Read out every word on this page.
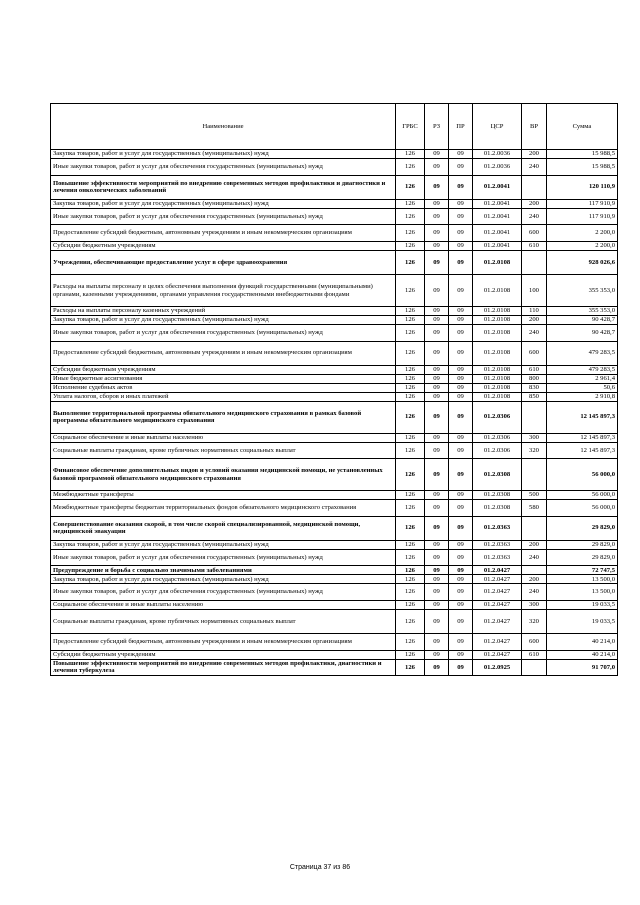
Наименование	ГРБС	РЗ	ПР	ЦСР	ВР	Сумма
Закупка товаров, работ и услуг для государственных (муниципальных) нужд	126	09	09	01.2.0036	200	15 988,5
Иные закупки товаров, работ и услуг для обеспечения государственных (муниципальных) нужд	126	09	09	01.2.0036	240	15 988,5
Повышение эффективности мероприятий по внедрению современных методов профилактики и диагностики и лечения онкологических заболеваний	126	09	09	01.2.0041		120 110,9
Закупка товаров, работ и услуг для государственных (муниципальных) нужд	126	09	09	01.2.0041	200	117 910,9
Иные закупки товаров, работ и услуг для обеспечения государственных (муниципальных) нужд	126	09	09	01.2.0041	240	117 910,9
Предоставление субсидий бюджетным, автономным учреждениям и иным некоммерческим организациям	126	09	09	01.2.0041	600	2 200,0
Субсидии бюджетным учреждениям	126	09	09	01.2.0041	610	2 200,0
Учреждения, обеспечивающие предоставление услуг в сфере здравоохранения	126	09	09	01.2.0108		928 026,6
Расходы на выплаты персоналу в целях обеспечения выполнения функций государственными (муниципальными) органами, казенными учреждениями, органами управления государственными внебюджетными фондами	126	09	09	01.2.0108	100	355 353,0
Расходы на выплаты персоналу казенных учреждений	126	09	09	01.2.0108	110	355 353,0
Закупка товаров, работ и услуг для государственных (муниципальных) нужд	126	09	09	01.2.0108	200	90 428,7
Иные закупки товаров, работ и услуг для обеспечения государственных (муниципальных) нужд	126	09	09	01.2.0108	240	90 428,7
Предоставление субсидий бюджетным, автономным учреждениям и иным некоммерческим организациям	126	09	09	01.2.0108	600	479 283,5
Субсидии бюджетным учреждениям	126	09	09	01.2.0108	610	479 283,5
Иные бюджетные ассигнования	126	09	09	01.2.0108	800	2 961,4
Исполнение судебных актов	126	09	09	01.2.0108	830	50,6
Уплата налогов, сборов и иных платежей	126	09	09	01.2.0108	850	2 910,8
Выполнение территориальной программы обязательного медицинского страхования в рамках базовой программы обязательного медицинского страхования	126	09	09	01.2.0306		12 145 897,3
Социальное обеспечение и иные выплаты населению	126	09	09	01.2.0306	300	12 145 897,3
Социальные выплаты гражданам, кроме публичных нормативных социальных выплат	126	09	09	01.2.0306	320	12 145 897,3
Финансовое обеспечение дополнительных видов и условий оказания медицинской помощи, не установленных базовой программой обязательного медицинского страхования	126	09	09	01.2.0308		56 000,0
Межбюджетные трансферты	126	09	09	01.2.0308	500	56 000,0
Межбюджетные трансферты бюджетам территориальных фондов обязательного медицинского страхования	126	09	09	01.2.0308	580	56 000,0
Совершенствование оказания скорой, в том числе скорой специализированной, медицинской помощи, медицинской эвакуации	126	09	09	01.2.0363		29 829,0
Закупка товаров, работ и услуг для государственных (муниципальных) нужд	126	09	09	01.2.0363	200	29 829,0
Иные закупки товаров, работ и услуг для обеспечения государственных (муниципальных) нужд	126	09	09	01.2.0363	240	29 829,0
Предупреждение и борьба с социально значимыми заболеваниями	126	09	09	01.2.0427		72 747,5
Закупка товаров, работ и услуг для государственных (муниципальных) нужд	126	09	09	01.2.0427	200	13 500,0
Иные закупки товаров, работ и услуг для обеспечения государственных (муниципальных) нужд	126	09	09	01.2.0427	240	13 500,0
Социальное обеспечение и иные выплаты населению	126	09	09	01.2.0427	300	19 033,5
Социальные выплаты гражданам, кроме публичных нормативных социальных выплат	126	09	09	01.2.0427	320	19 033,5
Предоставление субсидий бюджетным, автономным учреждениям и иным некоммерческим организациям	126	09	09	01.2.0427	600	40 214,0
Субсидии бюджетным учреждениям	126	09	09	01.2.0427	610	40 214,0
Повышение эффективности мероприятий по внедрению современных методов профилактики, диагностики и лечения туберкулеза	126	09	09	01.2.0925		91 707,0
Страница 37 из 86
